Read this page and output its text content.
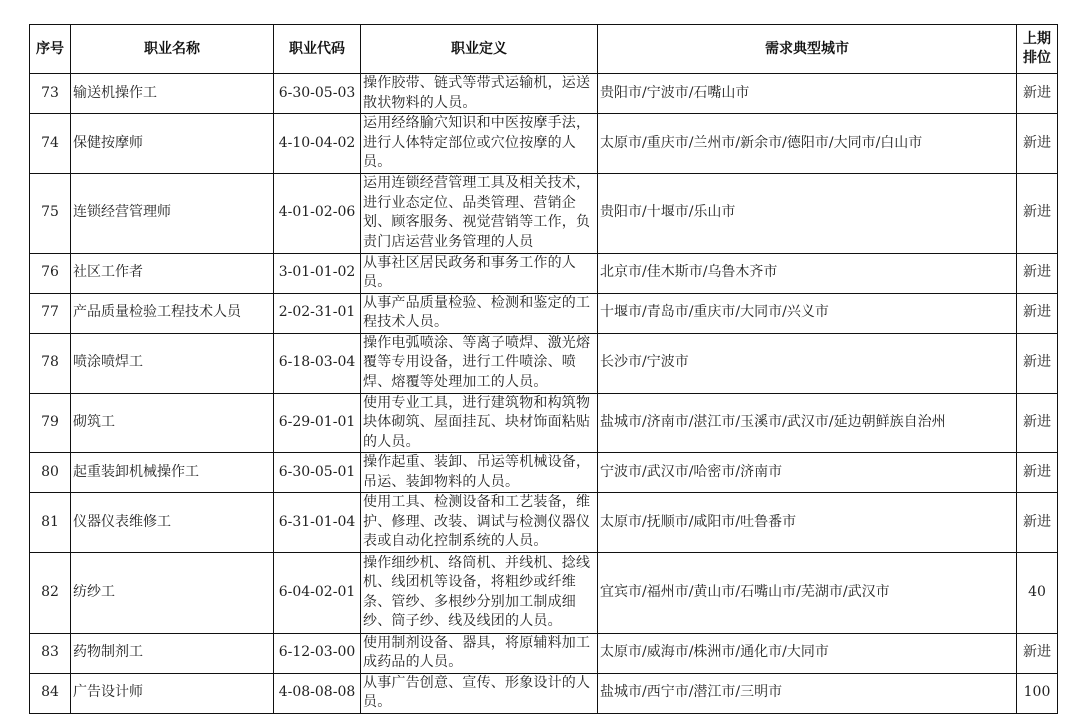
序号	职业名称	职业代码	职业定义	需求典型城市	上期排位
73	输送机操作工	6-30-05-03	操作胶带、链式等带式运输机，运送散状物料的人员。	贵阳市/宁波市/石嘴山市	新进
74	保健按摩师	4-10-04-02	运用经络腧穴知识和中医按摩手法，进行人体特定部位或穴位按摩的人员。	太原市/重庆市/兰州市/新余市/德阳市/大同市/白山市	新进
75	连锁经营管理师	4-01-02-06	运用连锁经营管理工具及相关技术，进行业态定位、品类管理、营销企划、顾客服务、视觉营销等工作，负责门店运营业务管理的人员	贵阳市/十堰市/乐山市	新进
76	社区工作者	3-01-01-02	从事社区居民政务和事务工作的人员。	北京市/佳木斯市/乌鲁木齐市	新进
77	产品质量检验工程技术人员	2-02-31-01	从事产品质量检验、检测和鉴定的工程技术人员。	十堰市/青岛市/重庆市/大同市/兴义市	新进
78	喷涂喷焊工	6-18-03-04	操作电弧喷涂、等离子喷焊、激光熔覆等专用设备，进行工件喷涂、喷焊、熔覆等处理加工的人员。	长沙市/宁波市	新进
79	砌筑工	6-29-01-01	使用专业工具，进行建筑物和构筑物块体砌筑、屋面挂瓦、块材饰面粘贴的人员。	盐城市/济南市/湛江市/玉溪市/武汉市/延边朝鲜族自治州	新进
80	起重装卸机械操作工	6-30-05-01	操作起重、装卸、吊运等机械设备，吊运、装卸物料的人员。	宁波市/武汉市/哈密市/济南市	新进
81	仪器仪表维修工	6-31-01-04	使用工具、检测设备和工艺装备，维护、修理、改装、调试与检测仪器仪表或自动化控制系统的人员。	太原市/抚顺市/咸阳市/吐鲁番市	新进
82	纺纱工	6-04-02-01	操作细纱机、络筒机、并线机、捻线机、线团机等设备，将粗纱或纤维条、管纱、多根纱分别加工制成细纱、筒子纱、线及线团的人员。	宜宾市/福州市/黄山市/石嘴山市/芜湖市/武汉市	40
83	药物制剂工	6-12-03-00	使用制剂设备、器具，将原辅料加工成药品的人员。	太原市/威海市/株洲市/通化市/大同市	新进
84	广告设计师	4-08-08-08	从事广告创意、宣传、形象设计的人员。	盐城市/西宁市/潜江市/三明市	100
